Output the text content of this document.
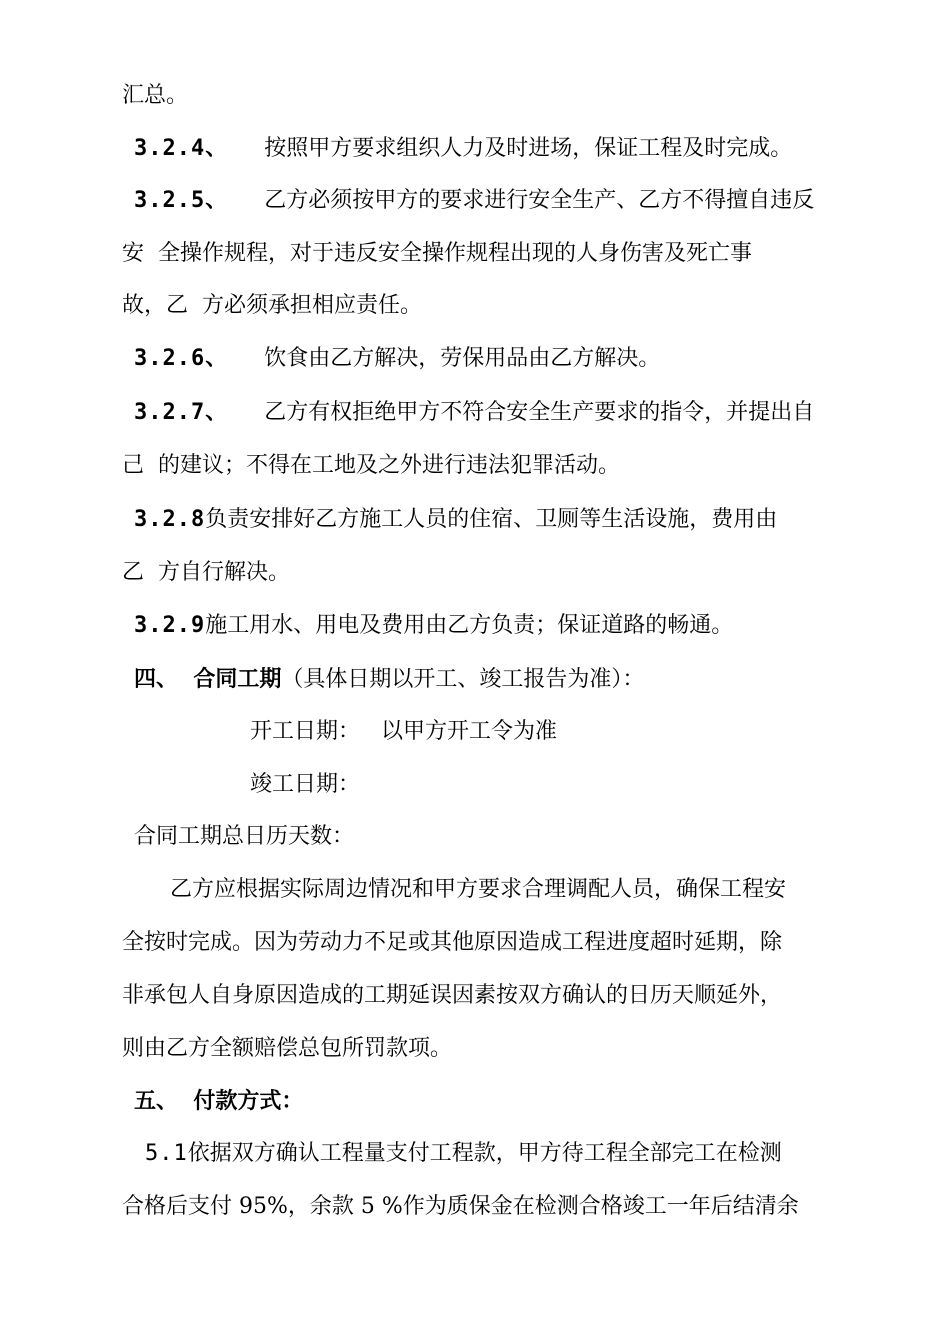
汇总。

3.2.4、 按照甲方要求组织人力及时进场，保证工程及时完成。

3.2.5、 乙方必须按甲方的要求进行安全生产、乙方不得擅自违反

安  全操作规程，对于违反安全操作规程出现的人身伤害及死亡事

故，乙  方必须承担相应责任。

3.2.6、 饮食由乙方解决，劳保用品由乙方解决。

3.2.7、 乙方有权拒绝甲方不符合安全生产要求的指令，并提出自

己  的建议；不得在工地及之外进行违法犯罪活动。

3.2.8负责安排好乙方施工人员的住宿、卫厕等生活设施，费用由

乙  方自行解决。

3.2.9施工用水、用电及费用由乙方负责；保证道路的畅通。

四、  合同工期（具体日期以开工、竣工报告为准）：

开工日期：   以甲方开工令为准

竣工日期：

合同工期总日历天数：

乙方应根据实际周边情况和甲方要求合理调配人员，确保工程安

全按时完成。因为劳动力不足或其他原因造成工程进度超时延期，除

非承包人自身原因造成的工期延误因素按双方确认的日历天顺延外，

则由乙方全额赔偿总包所罚款项。

五、  付款方式：

5.1依据双方确认工程量支付工程款，甲方待工程全部完工在检测

合格后支付 95%，余款 5 %作为质保金在检测合格竣工一年后结清余
